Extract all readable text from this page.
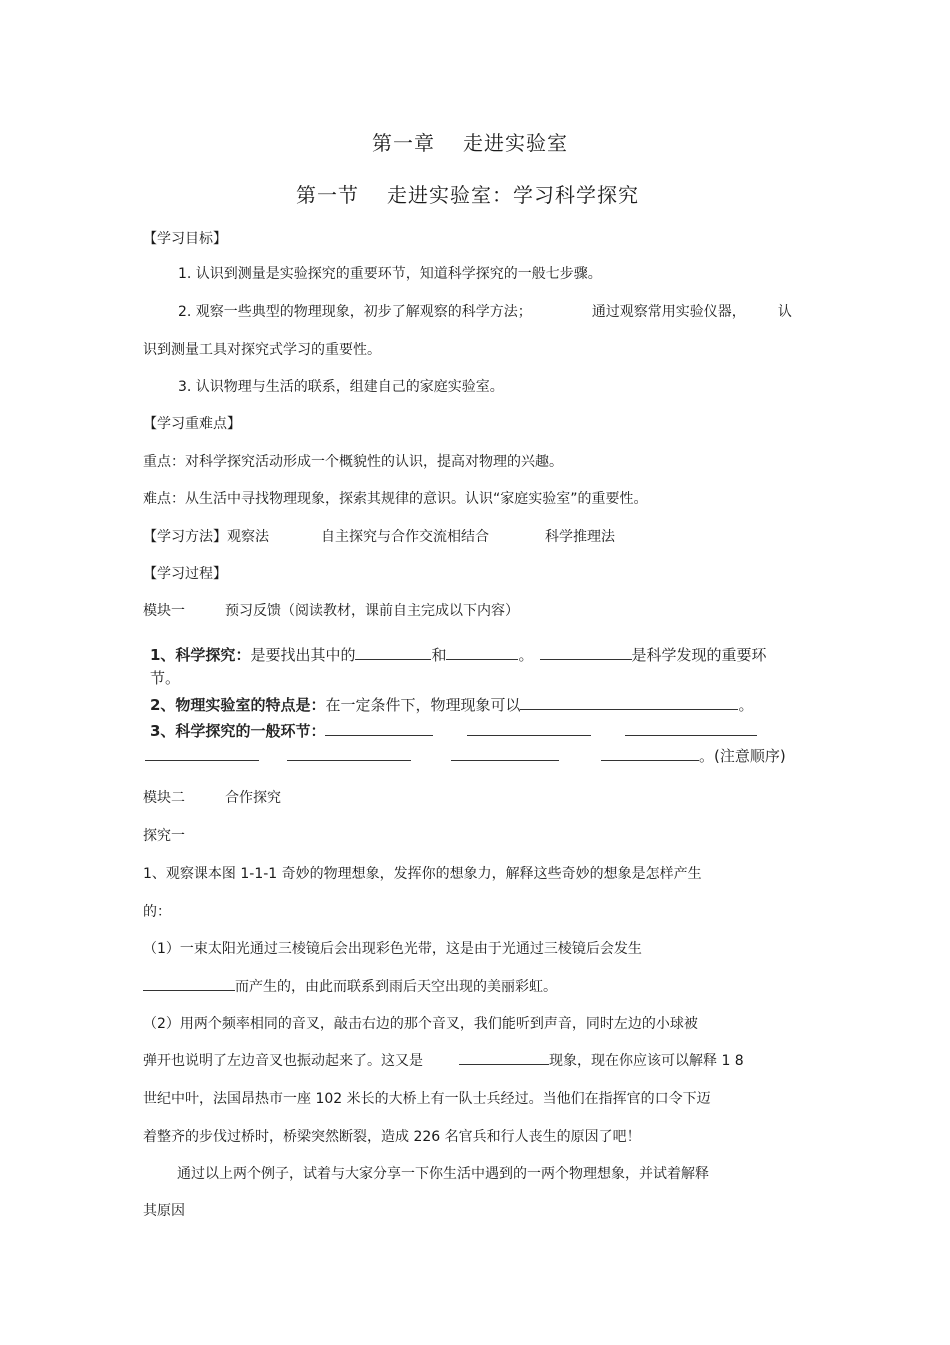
第一章 走进实验室
第一节 走进实验室：学习科学探究
【学习目标】
1. 认识到测量是实验探究的重要环节，知道科学探究的一般七步骤。
2. 观察一些典型的物理现象，初步了解观察的科学方法；	通过观察常用实验仪器， 认
识到测量工具对探究式学习的重要性。
3. 认识物理与生活的联系，组建自己的家庭实验室。
【学习重难点】
重点：对科学探究活动形成一个概貌性的认识，提高对物理的兴趣。
难点：从生活中寻找物理现象，探索其规律的意识。认识“家庭实验室”的重要性。
【学习方法】观察法	自主探究与合作交流相结合	科学推理法
【学习过程】
模块一	预习反馈（阅读教材，课前自主完成以下内容）
1、科学探究：是要找出其中的	和	。	是科学发现的重要环
节。
2、物理实验室的特点是：在一定条件下，物理现象可以	。
3、科学探究的一般环节：
。(注意顺序)
模块二	合作探究
探究一
1、观察课本图 1-1-1 奇妙的物理想象，发挥你的想象力，解释这些奇妙的想象是怎样产生
的：
（1）一束太阳光通过三棱镜后会出现彩色光带，这是由于光通过三棱镜后会发生
而产生的，由此而联系到雨后天空出现的美丽彩虹。
（2）用两个频率相同的音叉，敲击右边的那个音叉，我们能听到声音，同时左边的小球被
弹开也说明了左边音叉也振动起来了。这又是	现象，现在你应该可以解释 1 8
世纪中叶，法国昂热市一座 102 米长的大桥上有一队士兵经过。当他们在指挥官的口令下迈
着整齐的步伐过桥时，桥梁突然断裂，造成 226 名官兵和行人丧生的原因了吧！
通过以上两个例子，试着与大家分享一下你生活中遇到的一两个物理想象，并试着解释
其原因
